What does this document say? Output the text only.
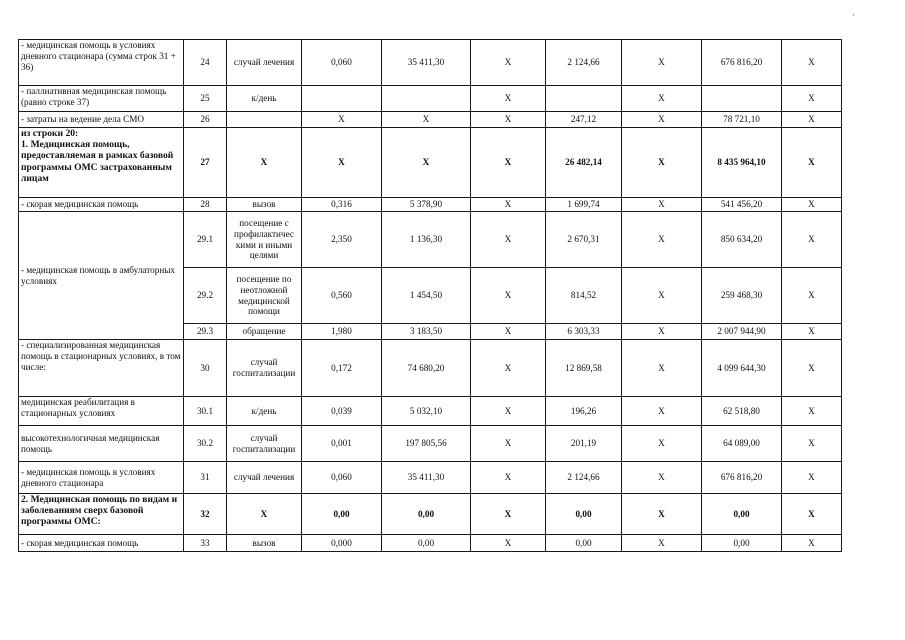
‘
- медицинская помощь в условиях дневного стационара (сумма строк 31 + 36)	24	случай лечения	0,060	35 411,30	X	2 124,66	X	676 816,20	X
- паллиативная медицинская помощь (равно строке 37)	25	к/день			X		X		X
- затраты на ведение дела СМО	26		X	X	X	247,12	X	78 721,10	X
из строки 20:
1. Медицинская помощь, предоставляемая в рамках базовой программы ОМС застрахованным лицам	27	X	X	X	X	26 482,14	X	8 435 964,10	X
- скорая медицинская помощь	28	вызов	0,316	5 378,90	X	1 699,74	X	541 456,20	X
- медицинская помощь в амбулаторных условиях	29.1	посещение с профилактичес кими и иными целями	2,350	1 136,30	X	2 670,31	X	850 634,20	X
	29.2	посещение по неотложной медицинской помощи	0,560	1 454,50	X	814,52	X	259 468,30	X
	29.3	обращение	1,980	3 183,50	X	6 303,33	X	2 007 944,90	X
- специализированная медицинская помощь в стационарных условиях, в том числе:	30	случай госпитализации	0,172	74 680,20	X	12 869,58	X	4 099 644,30	X
медицинская реабилитация в стационарных условиях	30.1	к/день	0,039	5 032,10	X	196,26	X	62 518,80	X
высокотехнологичная медицинская помощь	30.2	случай госпитализации	0,001	197 805,56	X	201,19	X	64 089,00	X
- медицинская помощь в условиях дневного стационара	31	случай лечения	0,060	35 411,30	X	2 124,66	X	676 816,20	X
2. Медицинская помощь по видам и заболеваниям сверх базовой программы ОМС:	32	X	0,00	0,00	X	0,00	X	0,00	X
- скорая медицинская помощь	33	вызов	0,000	0,00	X	0,00	X	0,00	X
